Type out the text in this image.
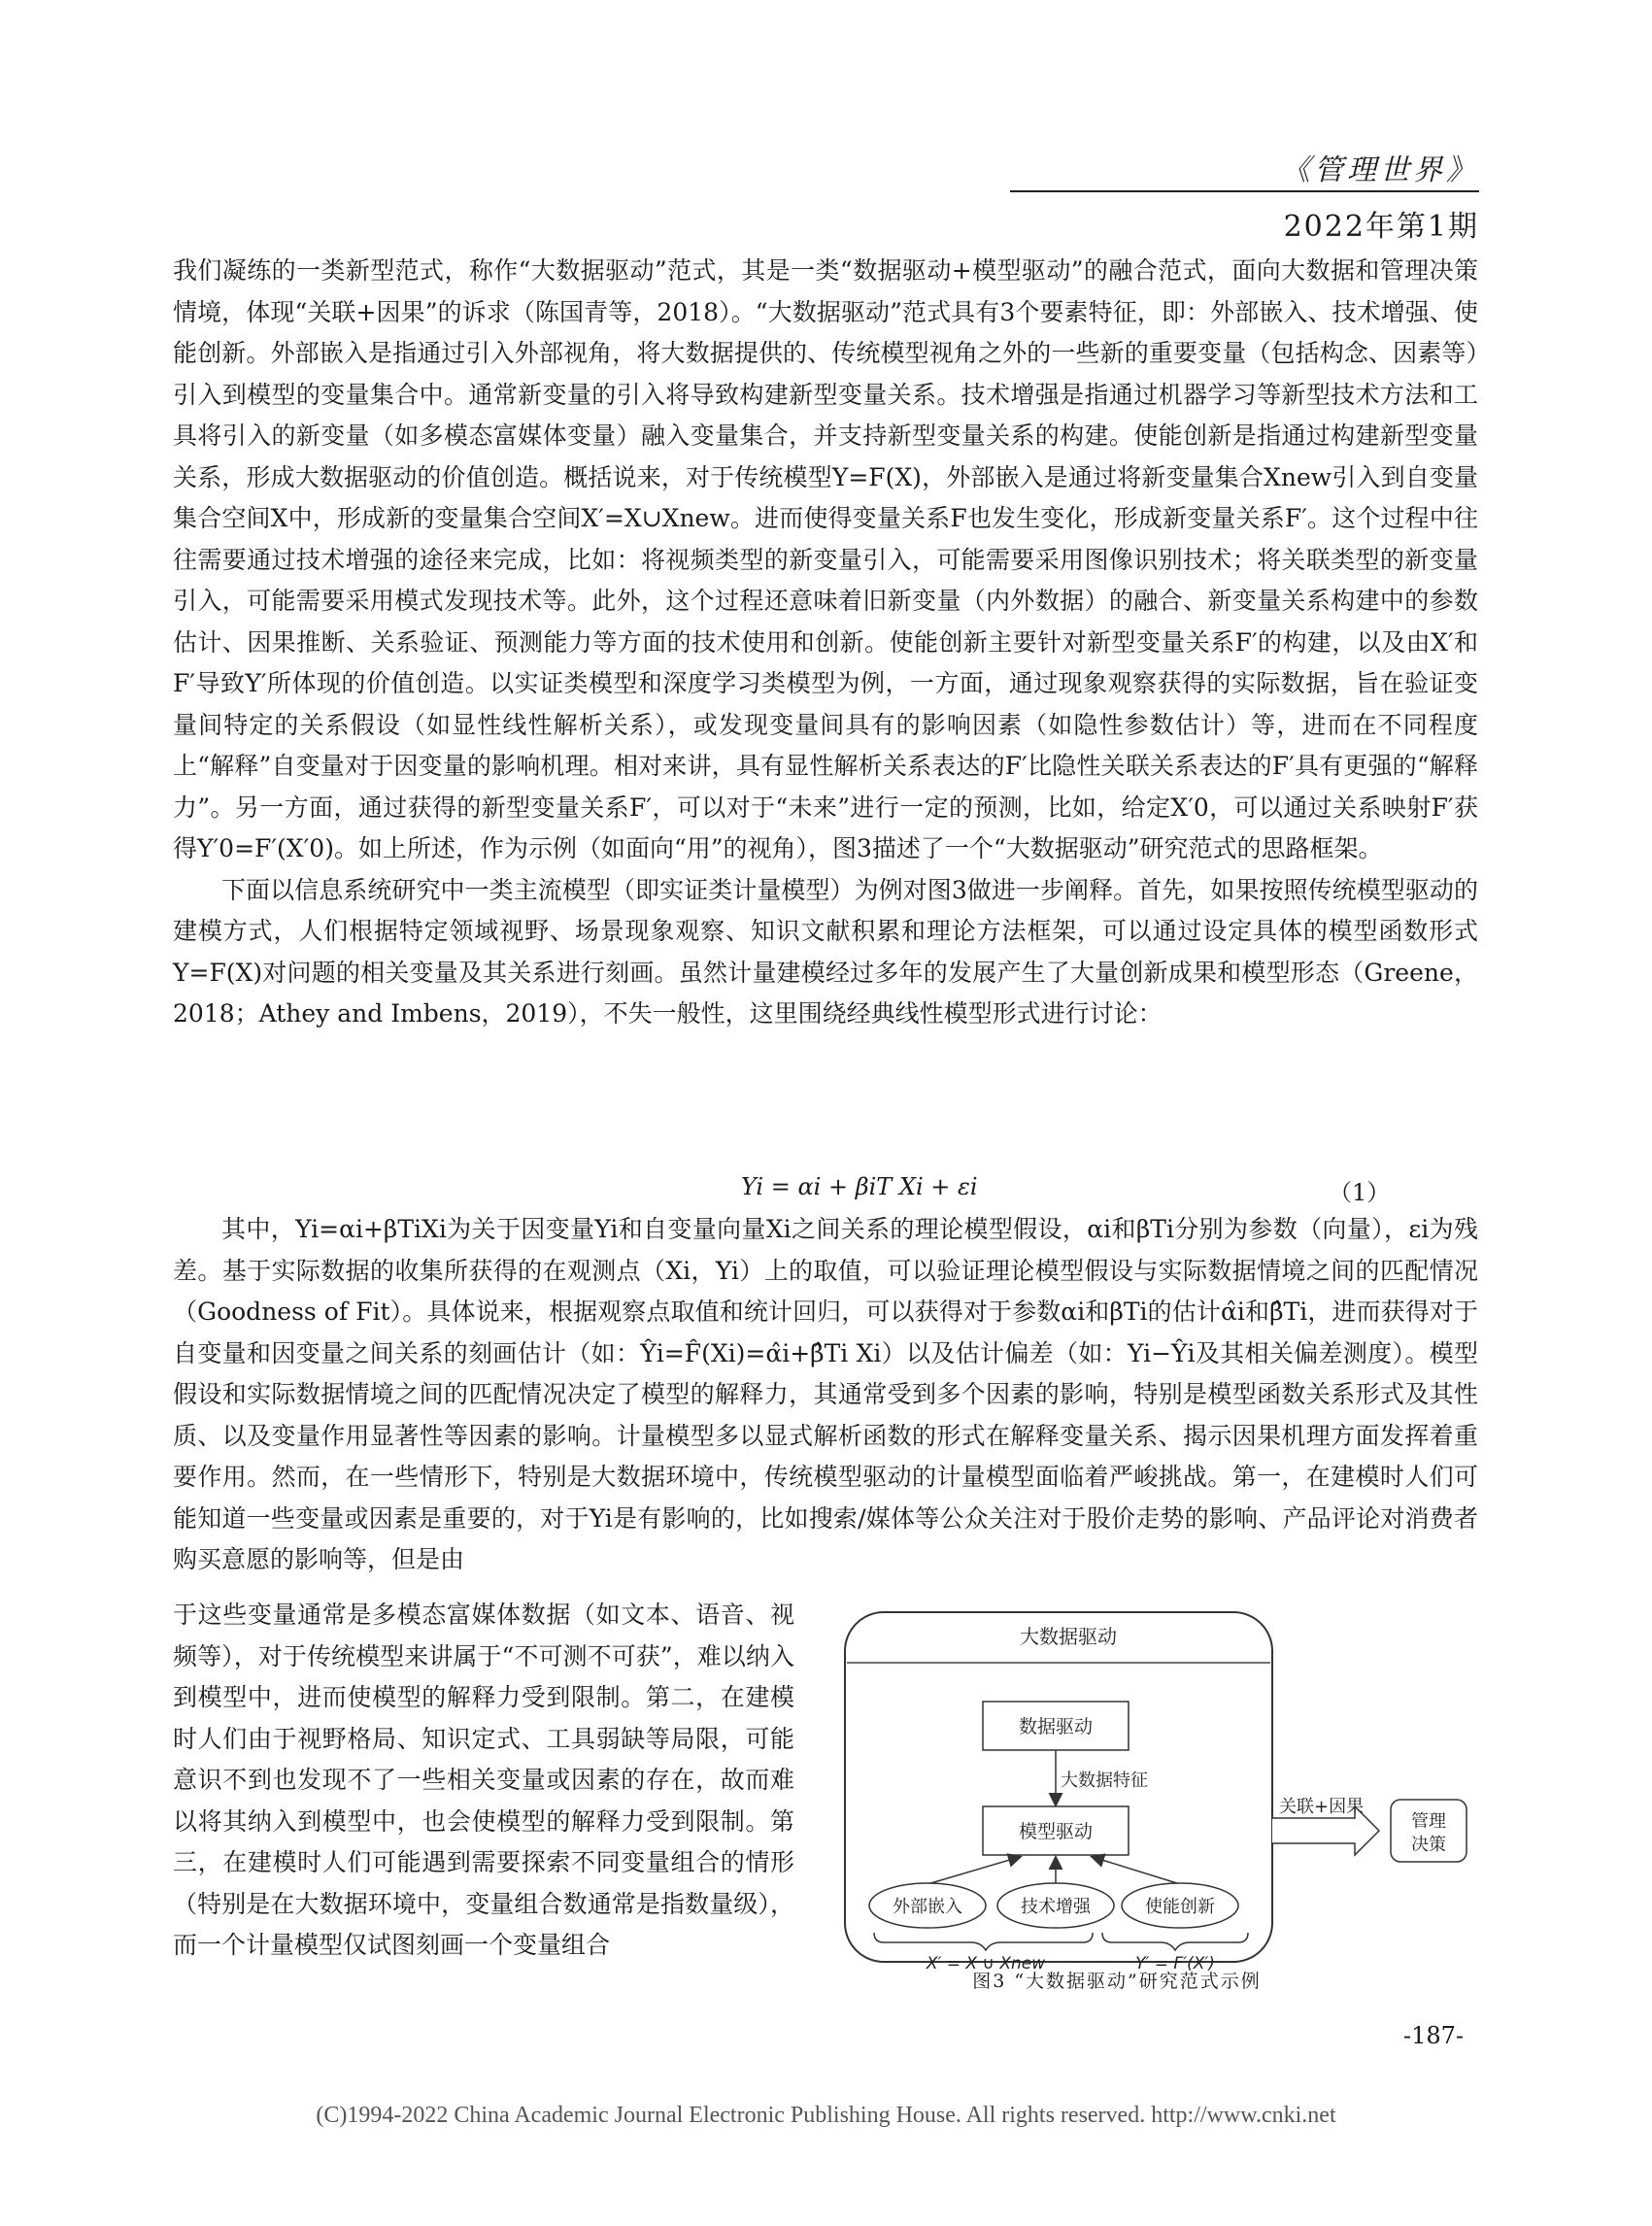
《管理世界》
2022年第1期

我们凝练的一类新型范式，称作“大数据驱动”范式，其是一类“数据驱动+模型驱动”的融合范式，面向大数据和管理决策情境，体现“关联+因果”的诉求（陈国青等，2018）。“大数据驱动”范式具有3个要素特征，即：外部嵌入、技术增强、使能创新。外部嵌入是指通过引入外部视角，将大数据提供的、传统模型视角之外的一些新的重要变量（包括构念、因素等）引入到模型的变量集合中。通常新变量的引入将导致构建新型变量关系。技术增强是指通过机器学习等新型技术方法和工具将引入的新变量（如多模态富媒体变量）融入变量集合，并支持新型变量关系的构建。使能创新是指通过构建新型变量关系，形成大数据驱动的价值创造。概括说来，对于传统模型Y=F(X)，外部嵌入是通过将新变量集合Xnew引入到自变量集合空间X中，形成新的变量集合空间X′=X∪Xnew。进而使得变量关系F也发生变化，形成新变量关系F′。这个过程中往往需要通过技术增强的途径来完成，比如：将视频类型的新变量引入，可能需要采用图像识别技术；将关联类型的新变量引入，可能需要采用模式发现技术等。此外，这个过程还意味着旧新变量（内外数据）的融合、新变量关系构建中的参数估计、因果推断、关系验证、预测能力等方面的技术使用和创新。使能创新主要针对新型变量关系F′的构建，以及由X′和F′导致Y′所体现的价值创造。以实证类模型和深度学习类模型为例，一方面，通过现象观察获得的实际数据，旨在验证变量间特定的关系假设（如显性线性解析关系），或发现变量间具有的影响因素（如隐性参数估计）等，进而在不同程度上“解释”自变量对于因变量的影响机理。相对来讲，具有显性解析关系表达的F′比隐性关联关系表达的F′具有更强的“解释力”。另一方面，通过获得的新型变量关系F′，可以对于“未来”进行一定的预测，比如，给定X′0，可以通过关系映射F′获得Y′0=F′(X′0)。如上所述，作为示例（如面向“用”的视角），图3描述了一个“大数据驱动”研究范式的思路框架。

下面以信息系统研究中一类主流模型（即实证类计量模型）为例对图3做进一步阐释。首先，如果按照传统模型驱动的建模方式，人们根据特定领域视野、场景现象观察、知识文献积累和理论方法框架，可以通过设定具体的模型函数形式Y=F(X)对问题的相关变量及其关系进行刻画。虽然计量建模经过多年的发展产生了大量创新成果和模型形态（Greene，2018；Athey and Imbens，2019），不失一般性，这里围绕经典线性模型形式进行讨论：

Yi = αi + βiT Xi + εi	（1）

其中，Yi=αi+βTiXi为关于因变量Yi和自变量向量Xi之间关系的理论模型假设，αi和βTi分别为参数（向量），εi为残差。基于实际数据的收集所获得的在观测点（Xi，Yi）上的取值，可以验证理论模型假设与实际数据情境之间的匹配情况（Goodness of Fit）。具体说来，根据观察点取值和统计回归，可以获得对于参数αi和βTi的估计α̂i和β̂Ti，进而获得对于自变量和因变量之间关系的刻画估计（如：Ŷi=F̂(Xi)=α̂i+β̂Ti Xi）以及估计偏差（如：Yi−Ŷi及其相关偏差测度）。模型假设和实际数据情境之间的匹配情况决定了模型的解释力，其通常受到多个因素的影响，特别是模型函数关系形式及其性质、以及变量作用显著性等因素的影响。计量模型多以显式解析函数的形式在解释变量关系、揭示因果机理方面发挥着重要作用。然而，在一些情形下，特别是大数据环境中，传统模型驱动的计量模型面临着严峻挑战。第一，在建模时人们可能知道一些变量或因素是重要的，对于Yi是有影响的，比如搜索/媒体等公众关注对于股价走势的影响、产品评论对消费者购买意愿的影响等，但是由

于这些变量通常是多模态富媒体数据（如文本、语音、视频等），对于传统模型来讲属于“不可测不可获”，难以纳入到模型中，进而使模型的解释力受到限制。第二，在建模时人们由于视野格局、知识定式、工具弱缺等局限，可能意识不到也发现不了一些相关变量或因素的存在，故而难以将其纳入到模型中，也会使模型的解释力受到限制。第三，在建模时人们可能遇到需要探索不同变量组合的情形（特别是在大数据环境中，变量组合数通常是指数量级），而一个计量模型仅试图刻画一个变量组合

大数据驱动
数据驱动
大数据特征
模型驱动
外部嵌入	技术增强	使能创新
X′ = X ∪ Xnew	Y′ = F′(X′)
关联+因果
管理
决策
图3 “大数据驱动”研究范式示例
-187-
(C)1994-2022 China Academic Journal Electronic Publishing House. All rights reserved. http://www.cnki.net
